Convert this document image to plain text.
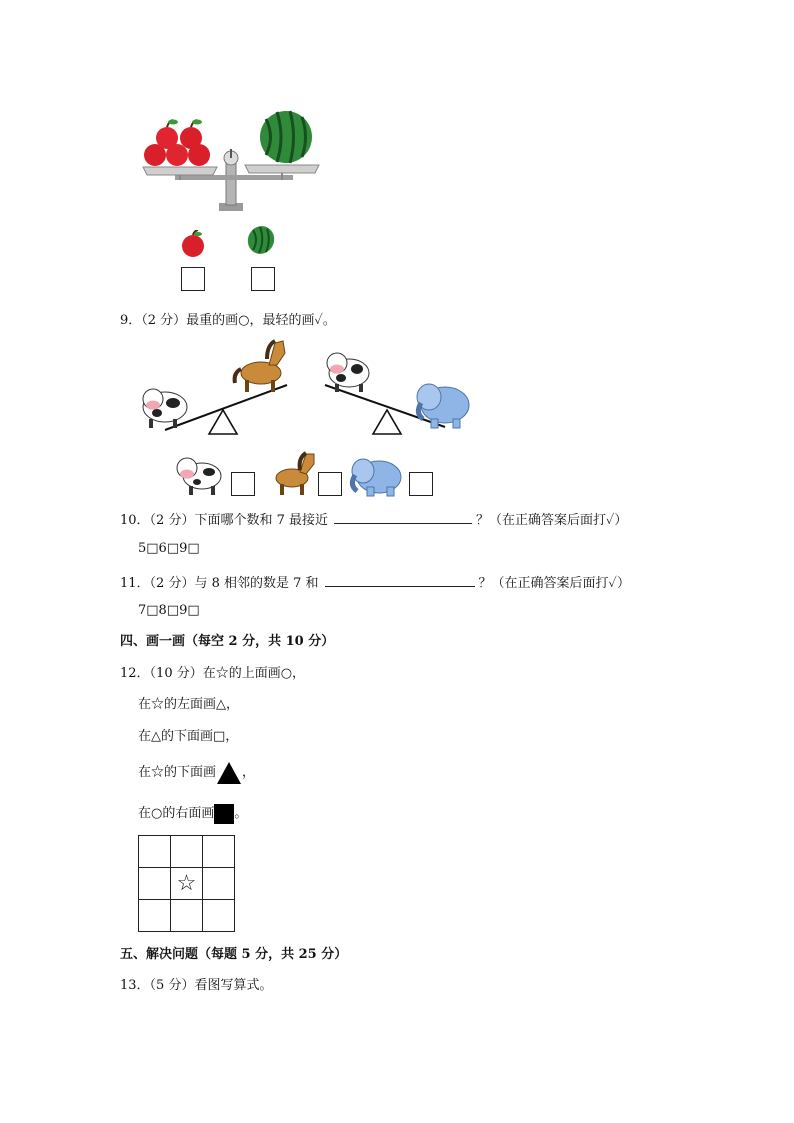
9．（2 分）最重的画○，最轻的画✓。
10．（2 分）下面哪个数和 7 最接近	？（在正确答案后面打✓）
5□6□9□
11．（2 分）与 8 相邻的数是 7 和	？（在正确答案后面打✓）
7□8□9□
四、画一画（每空 2 分，共 10 分）
12．（10 分）在☆的上面画○，
在☆的左面画△，
在△的下面画□，
在☆的下面画 ，
在○的右面画 。

	☆	

五、解决问题（每题 5 分，共 25 分）
13．（5 分）看图写算式。
